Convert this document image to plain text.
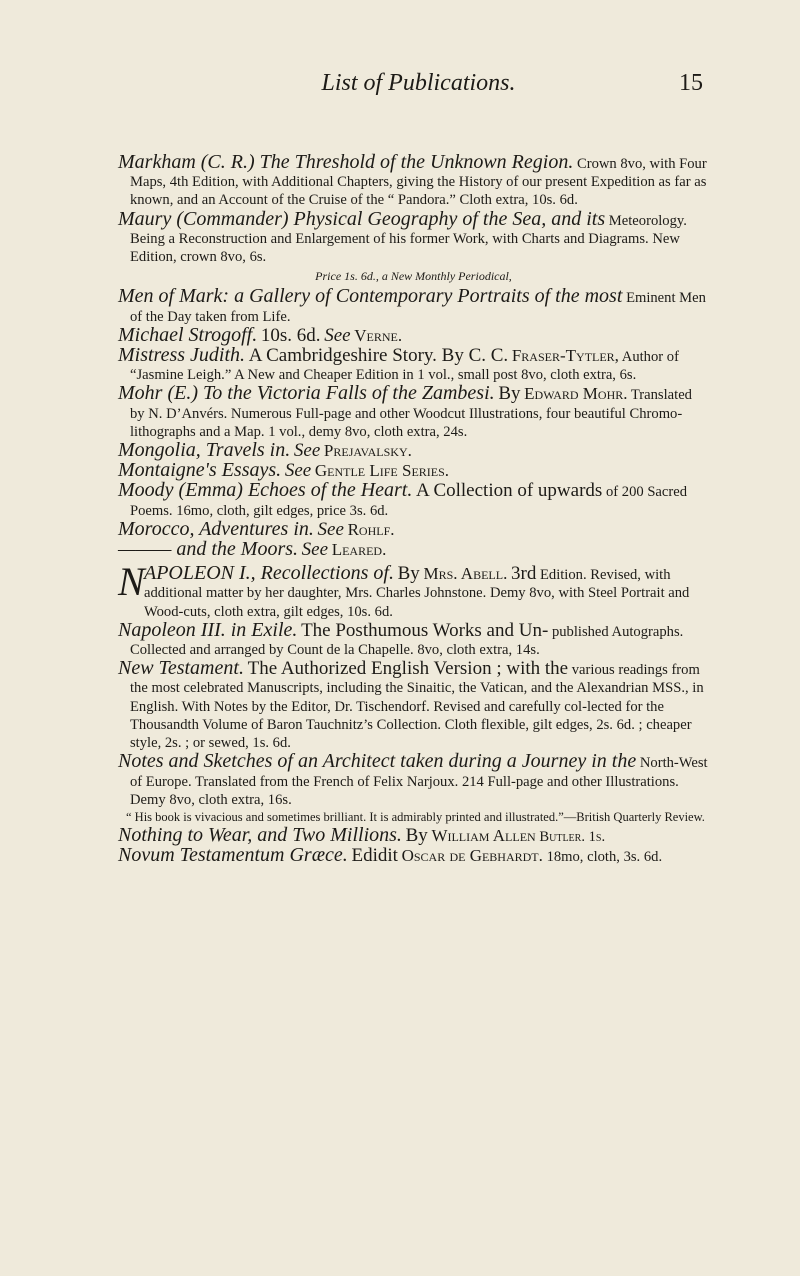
List of Publications.	15

Markham (C. R.) The Threshold of the Unknown Region. Crown 8vo, with Four Maps, 4th Edition, with Additional Chapters, giving the History of our present Expedition as far as known, and an Account of the Cruise of the “ Pandora.” Cloth extra, 10s. 6d.

Maury (Commander) Physical Geography of the Sea, and its Meteorology. Being a Reconstruction and Enlargement of his former Work, with Charts and Diagrams. New Edition, crown 8vo, 6s.

Price 1s. 6d., a New Monthly Periodical,

Men of Mark: a Gallery of Contemporary Portraits of the most Eminent Men of the Day taken from Life.

Michael Strogoff. 10s. 6d. See Verne.

Mistress Judith. A Cambridgeshire Story. By C. C. Fraser-Tytler, Author of “Jasmine Leigh.” A New and Cheaper Edition in 1 vol., small post 8vo, cloth extra, 6s.

Mohr (E.) To the Victoria Falls of the Zambesi. By Edward Mohr. Translated by N. D’Anvérs. Numerous Full-page and other Woodcut Illustrations, four beautiful Chromo-lithographs and a Map. 1 vol., demy 8vo, cloth extra, 24s.

Mongolia, Travels in. See Prejavalsky.

Montaigne's Essays. See Gentle Life Series.

Moody (Emma) Echoes of the Heart. A Collection of upwards of 200 Sacred Poems. 16mo, cloth, gilt edges, price 3s. 6d.

Morocco, Adventures in. See Rohlf.

——— and the Moors. See Leared.

N APOLEON I., Recollections of. By Mrs. Abell. 3rd Edition. Revised, with additional matter by her daughter, Mrs. Charles Johnstone. Demy 8vo, with Steel Portrait and Wood-cuts, cloth extra, gilt edges, 10s. 6d.

Napoleon III. in Exile. The Posthumous Works and Un- published Autographs. Collected and arranged by Count de la Chapelle. 8vo, cloth extra, 14s.

New Testament. The Authorized English Version ; with the various readings from the most celebrated Manuscripts, including the Sinaitic, the Vatican, and the Alexandrian MSS., in English. With Notes by the Editor, Dr. Tischendorf. Revised and carefully col-lected for the Thousandth Volume of Baron Tauchnitz’s Collection. Cloth flexible, gilt edges, 2s. 6d. ; cheaper style, 2s. ; or sewed, 1s. 6d.

Notes and Sketches of an Architect taken during a Journey in the North-West of Europe. Translated from the French of Felix Narjoux. 214 Full-page and other Illustrations. Demy 8vo, cloth extra, 16s.

“ His book is vivacious and sometimes brilliant. It is admirably printed and illustrated.”—British Quarterly Review.

Nothing to Wear, and Two Millions. By William Allen Butler. 1s.

Novum Testamentum Græce. Edidit Oscar de Gebhardt. 18mo, cloth, 3s. 6d.
